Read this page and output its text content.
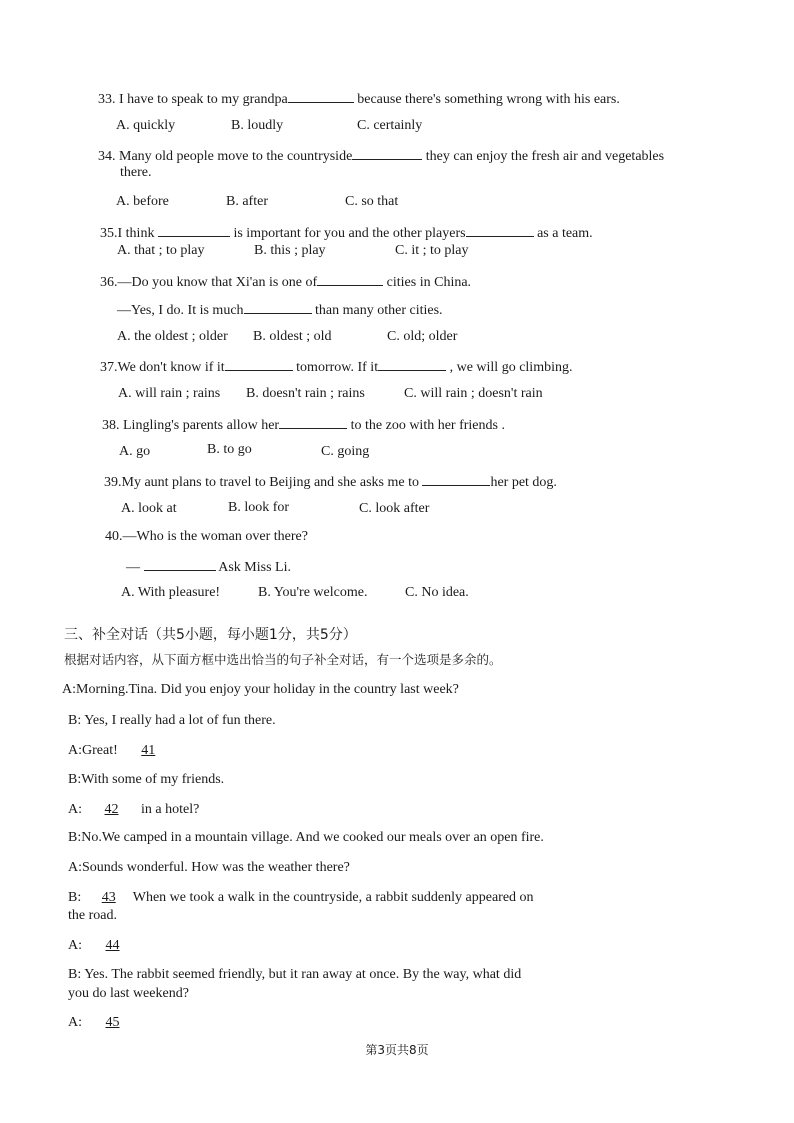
33. I have to speak to my grandpa	because there's something wrong with his ears.
A. quickly	B. loudly	C. certainly
34. Many old people move to the countryside	they can enjoy the fresh air and vegetables
there.
A. before	B. after	C. so that
35.I think	is important for you and the other players	as a team.
A. that ; to play	B. this ; play	C. it ; to play
36.—Do you know that Xi'an is one of	cities in China.
—Yes, I do. It is much	than many other cities.
A. the oldest ; older B. oldest ; old	C. old; older
37.We don't know if it	tomorrow. If it	, we will go climbing.
A. will rain ; rains B. doesn't rain ; rains	C. will rain ; doesn't rain
38. Lingling's parents allow her	to the zoo with her friends .
A. go	B. to go	C. going
39.My aunt plans to travel to Beijing and she asks me to	her pet dog.
A. look at	B. look for	C. look after
40.—Who is the woman over there?
—	Ask Miss Li.
A. With pleasure!	B. You're welcome.	C. No idea.
三、补全对话（共5小题，每小题1分，共5分）
根据对话内容，从下面方框中选出恰当的句子补全对话，有一个选项是多余的。
A:Morning.Tina. Did you enjoy your holiday in the country last week?
B: Yes, I really had a lot of fun there.
A:Great! 41
B:With some of my friends.
A: 42 in a hotel?
B:No.We camped in a mountain village. And we cooked our meals over an open fire.
A:Sounds wonderful. How was the weather there?
B: 43 When we took a walk in the countryside, a rabbit suddenly appeared on
the road.
A: 44
B: Yes. The rabbit seemed friendly, but it ran away at once. By the way, what did
you do last weekend?
A: 45
第3页共8页
